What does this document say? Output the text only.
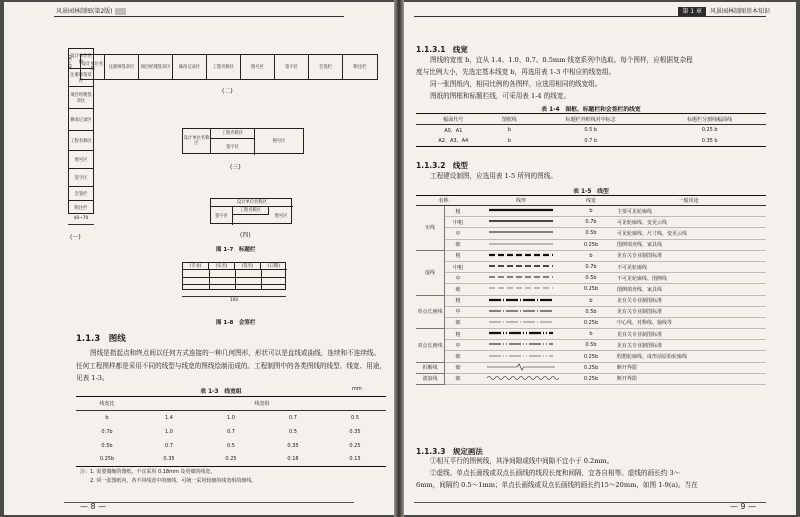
风景园林制图(第2版)
设计单位名称	注册师签章区	项目经理签章区	修改记录区	工程名称区	图号区	签字区	会签栏	附注栏
30~50
(二)
设计单位名称
注册师签章区
项目经理签章区
修改记录区
工程名称区
图号区
签字区
会签栏
附注栏
40~70
(一)
设计单位名称区
工程名称区
签字区
图号区
(三)
设计单位名称区
签字区
工程名称区
图号区
(四)
图 1-7　标题栏
(专业)	(实名)	(签名)	(日期)
100
图 1-8　会签栏
1.1.3　 图线
图线是指起点和终点间以任何方式连接的一种几何图形，形状可以是直线或曲线，连续和不连续线。任何工程图样都是采用不同的线型与线宽的图线绘制而成的。工程制图中的各类图线的线型、线宽、用途，见表 1-3。
表 1-3　线宽组	mm
线宽比	线宽组			
b	1.4	1.0	0.7	0.5
0.7b	1.0	0.7	0.5	0.35
0.5b	0.7	0.5	0.35	0.25
0.25b	0.35	0.25	0.18	0.13
注：1. 需要微缩的图纸，不宜采用 0.18mm 及更细的线宽。
2. 同一张图纸内，各不同线宽中的细线，可统一采用较细的线宽组的细线。
— 8 —
第 1 章 风景园林制图基本知识
1.1.3.1　 线宽
图线的宽度 b，宜从 1.4、1.0、0.7、0.5mm 线宽系列中选取。每个图样，应根据复杂程
度与比例大小，先选定基本线宽 b，再选用表 1-3 中相应的线宽组。
同一张图纸内，相同比例的各图样，应选用相同的线宽组。
图纸的图框和标题栏线，可采用表 1-4 的线宽。
表 1-4　图框、标题栏和会签栏的线宽
幅面代号	图框线	标题栏外框线对中标志	标题栏分割线幅面线
A0、A1	b	0.5 b	0.25 b
A2、A3、A4	b	0.7 b	0.35 b
1.1.3.2　 线型
工程建设制图，应选用表 1-5 所列的图线。
表 1-5　线型
名称		线形	线宽	一般用途
实线	粗		b	主要可见轮廓线
	中粗		0.7b	可见轮廓线、变更云线
	中		0.5b	可见轮廓线、尺寸线、变更云线
	细		0.25b	图例填充线、家具线
虚线	粗		b	见有关专业制图标准
	中粗		0.7b	不可见轮廓线
	中		0.5b	不可见轮廓线、图例线
	细		0.25b	图例填充线、家具线
单点长画线	粗		b	见有关专业制图标准
	中		0.5b	见有关专业制图标准
	细		0.25b	中心线、对称线、轴线等
双点长画线	粗		b	见有关专业制图标准
	中		0.5b	见有关专业制图标准
	细		0.25b	假想轮廓线、成形前原始轮廓线
折断线	细		0.25b	断开界限
波浪线	细		0.25b	断开界限
1.1.3.3　 规定画法
①相互平行的图例线，其净间隙或线中间隙不宜小于 0.2mm。
②虚线、单点长画线或双点长画线的线段长度和间隔，宜各自相等。虚线的画长约 3～
6mm，间隔约 0.5～1mm；单点长画线或双点长画线的画长约15～20mm，如图 1-9(a)。当在
— 9 —
